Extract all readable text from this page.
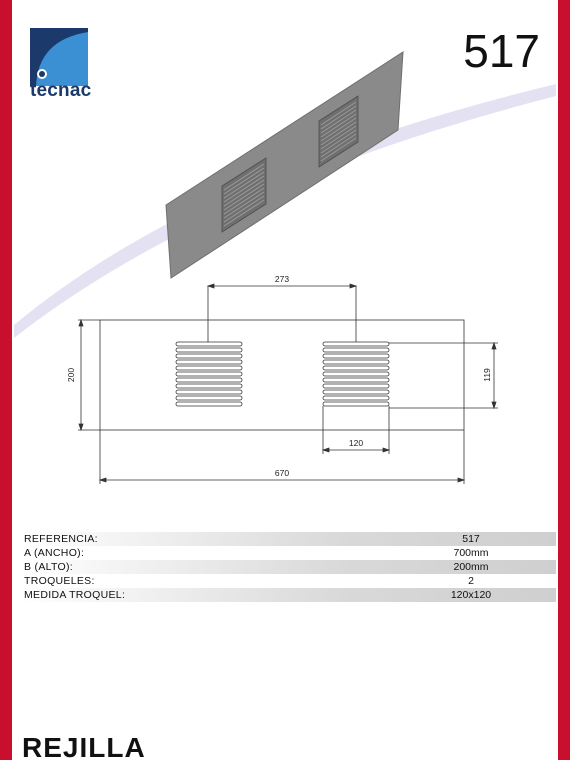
tecnac
517
273
200	119
120
670
REFERENCIA:	517
A (ANCHO):	700mm
B (ALTO):	200mm
TROQUELES:	2
MEDIDA TROQUEL:	120x120
REJILLA
